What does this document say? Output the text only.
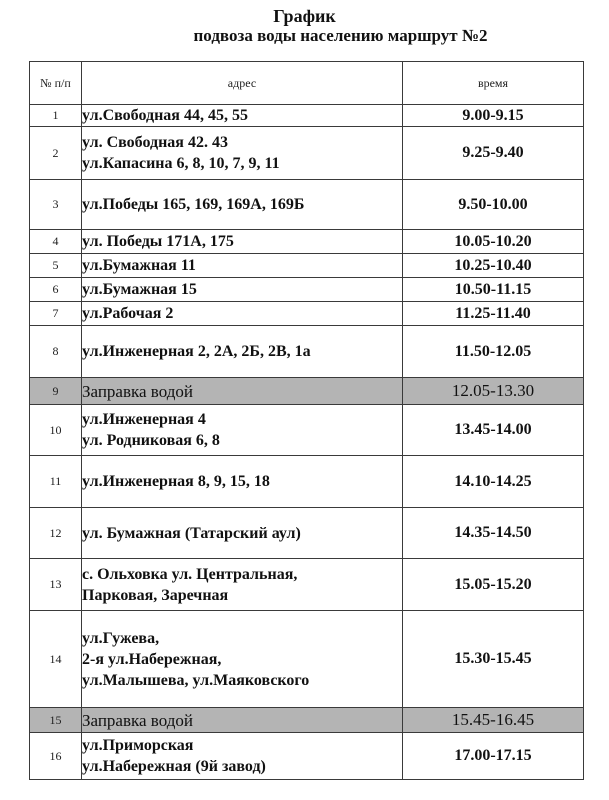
График
подвоза воды населению маршрут №2
№ п/п	адрес	время
1	ул.Свободная 44, 45, 55	9.00-9.15
2	ул. Свободная 42. 43
ул.Капасина 6, 8, 10, 7, 9, 11	9.25-9.40
3	ул.Победы 165, 169, 169А, 169Б	9.50-10.00
4	ул. Победы 171А, 175	10.05-10.20
5	ул.Бумажная 11	10.25-10.40
6	ул.Бумажная 15	10.50-11.15
7	ул.Рабочая 2	11.25-11.40
8	ул.Инженерная 2, 2А, 2Б, 2В, 1а	11.50-12.05
9	Заправка водой	12.05-13.30
10	ул.Инженерная 4
ул. Родниковая 6, 8	13.45-14.00
11	ул.Инженерная 8, 9, 15, 18	14.10-14.25
12	ул. Бумажная (Татарский аул)	14.35-14.50
13	с. Ольховка ул. Центральная,
Парковая, Заречная	15.05-15.20
14	ул.Гужева,
2-я ул.Набережная,
ул.Малышева, ул.Маяковского	15.30-15.45
15	Заправка водой	15.45-16.45
16	ул.Приморская
ул.Набережная (9й завод)	17.00-17.15
